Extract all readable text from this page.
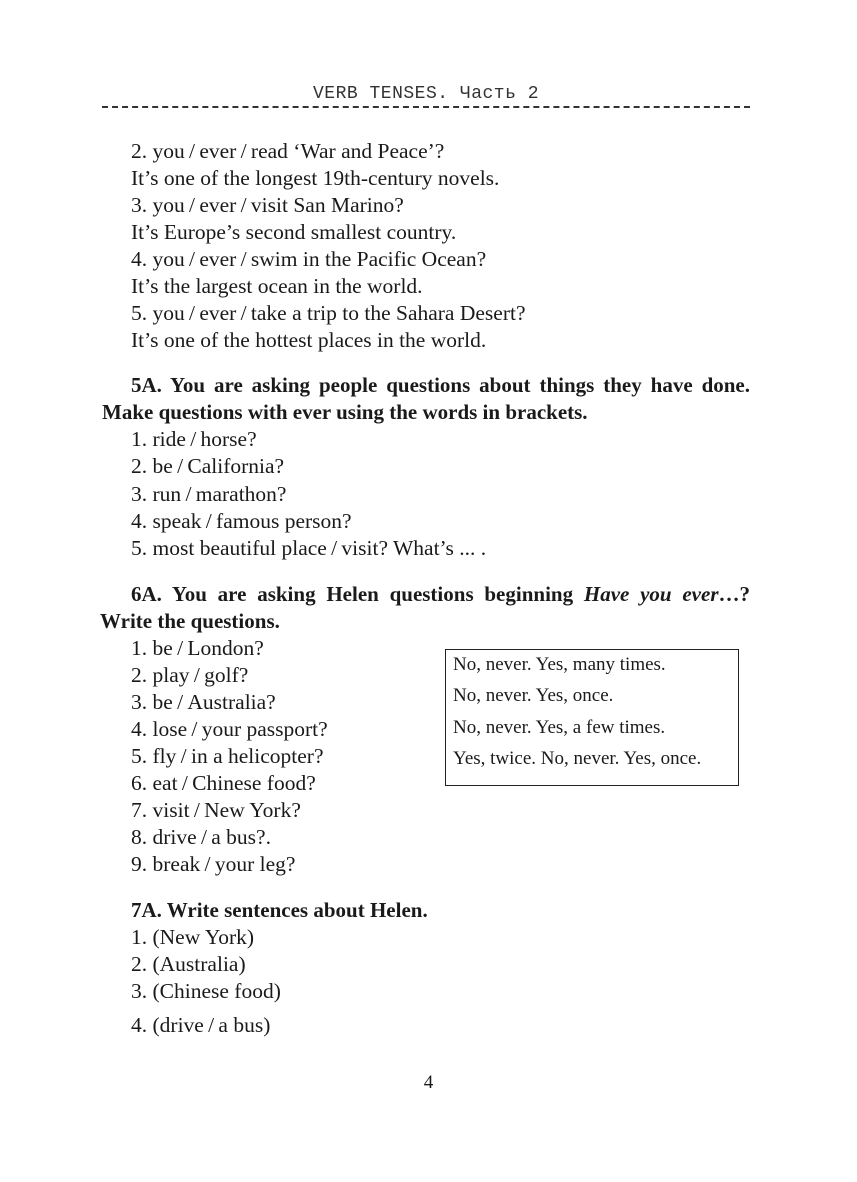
VERB TENSES. Часть 2
2. you / ever / read ‘War and Peace’?
It’s one of the longest 19th-century novels.
3. you / ever / visit San Marino?
It’s Europe’s second smallest country.
4. you / ever / swim in the Pacific Ocean?
It’s the largest ocean in the world.
5. you / ever / take a trip to the Sahara Desert?
It’s one of the hottest places in the world.
5A. You are asking people questions about things they have done.
Make questions with ever using the words in brackets.
1. ride / horse?
2. be / California?
3. run / marathon?
4. speak / famous person?
5. most beautiful place / visit? What’s ... .
6A. You are asking Helen questions beginning Have you ever…?
Write the questions.
1. be / London?
2. play / golf?
3. be / Australia?
4. lose / your passport?
5. fly / in a helicopter?
6. eat / Chinese food?
7. visit / New York?
8. drive / a bus?.
9. break / your leg?
No, never. Yes, many times.
No, never. Yes, once.
No, never. Yes, a few times.
Yes, twice. No, never. Yes, once.
7A. Write sentences about Helen.
1. (New York)
2. (Australia)
3. (Chinese food)
4. (drive / a bus)
4
